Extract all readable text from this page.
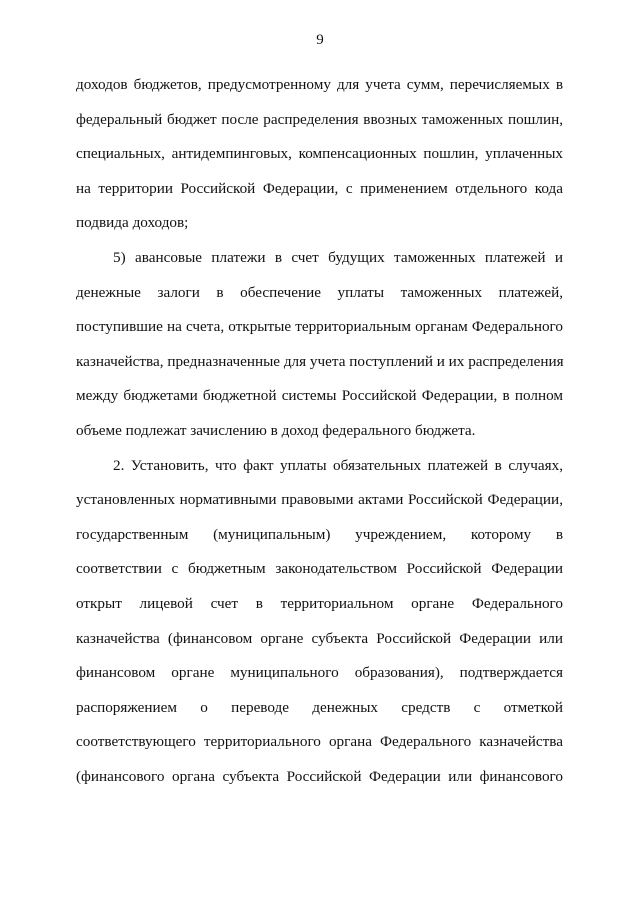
9
доходов бюджетов, предусмотренному для учета сумм, перечисляемых в
федеральный бюджет после распределения ввозных таможенных пошлин,
специальных, антидемпинговых, компенсационных пошлин, уплаченных
на территории Российской Федерации, с применением отдельного кода
подвида доходов;
5) авансовые платежи в счет будущих таможенных платежей и
денежные залоги в обеспечение уплаты таможенных платежей,
поступившие на счета, открытые территориальным органам Федерального
казначейства, предназначенные для учета поступлений и их распределения
между бюджетами бюджетной системы Российской Федерации, в полном
объеме подлежат зачислению в доход федерального бюджета.
2. Установить, что факт уплаты обязательных платежей в случаях,
установленных нормативными правовыми актами Российской Федерации,
государственным (муниципальным) учреждением, которому в
соответствии с бюджетным законодательством Российской Федерации
открыт лицевой счет в территориальном органе Федерального
казначейства (финансовом органе субъекта Российской Федерации или
финансовом органе муниципального образования), подтверждается
распоряжением о переводе денежных средств с отметкой
соответствующего территориального органа Федерального казначейства
(финансового органа субъекта Российской Федерации или финансового
